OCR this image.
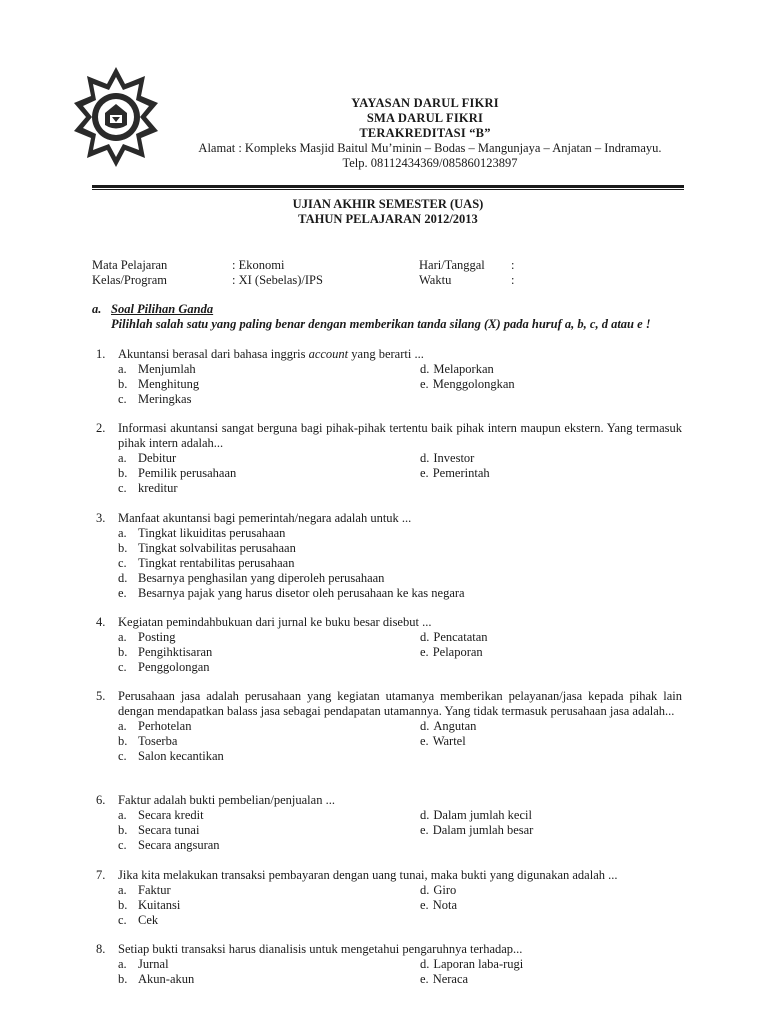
YAYASAN DARUL FIKRI
SMA DARUL FIKRI
TERAKREDITASI “B”
Alamat : Kompleks Masjid Baitul Mu’minin – Bodas – Mangunjaya – Anjatan – Indramayu.
Telp. 08112434369/085860123897
UJIAN AKHIR SEMESTER (UAS)
TAHUN PELAJARAN 2012/2013
Mata Pelajaran	: Ekonomi
Kelas/Program	: XI (Sebelas)/IPS
Hari/Tanggal	:
Waktu	:
a. Soal Pilihan Ganda
Pilihlah salah satu yang paling benar dengan memberikan tanda silang (X) pada huruf a, b, c, d atau e !
1.	Akuntansi berasal dari bahasa inggris account yang berarti ...
a. Menjumlah	d. Melaporkan
b. Menghitung	e. Menggolongkan
c. Meringkas
2.	Informasi akuntansi sangat berguna bagi pihak-pihak tertentu baik pihak intern maupun ekstern. Yang termasuk pihak intern adalah...
a. Debitur	d. Investor
b. Pemilik perusahaan	e. Pemerintah
c. kreditur
3.	Manfaat akuntansi bagi pemerintah/negara adalah untuk ...
a. Tingkat likuiditas perusahaan
b. Tingkat solvabilitas perusahaan
c. Tingkat rentabilitas perusahaan
d. Besarnya penghasilan yang diperoleh perusahaan
e. Besarnya pajak yang harus disetor oleh perusahaan ke kas negara
4.	Kegiatan pemindahbukuan dari jurnal ke buku besar disebut ...
a. Posting	d. Pencatatan
b. Pengihktisaran	e. Pelaporan
c. Penggolongan
5.	Perusahaan jasa adalah perusahaan yang kegiatan utamanya memberikan pelayanan/jasa kepada pihak lain dengan mendapatkan balass jasa sebagai pendapatan utamannya. Yang tidak termasuk perusahaan jasa adalah...
a. Perhotelan	d. Angutan
b. Toserba	e. Wartel
c. Salon kecantikan
6.	Faktur adalah bukti pembelian/penjualan ...
a. Secara kredit	d. Dalam jumlah kecil
b. Secara tunai	e. Dalam jumlah besar
c. Secara angsuran
7.	Jika kita melakukan transaksi pembayaran dengan uang tunai, maka bukti yang digunakan adalah ...
a. Faktur	d. Giro
b. Kuitansi	e. Nota
c. Cek
8.	Setiap bukti transaksi harus dianalisis untuk mengetahui pengaruhnya terhadap...
a. Jurnal	d. Laporan laba-rugi
b. Akun-akun	e. Neraca
